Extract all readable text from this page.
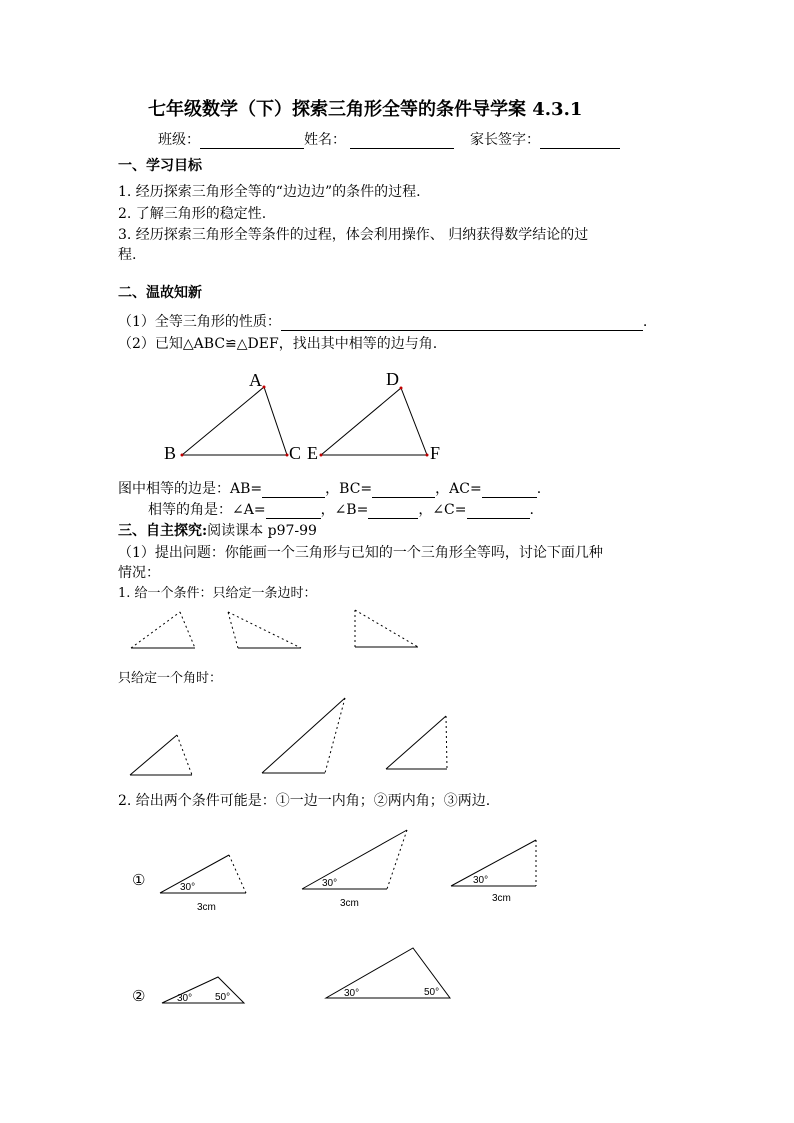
七年级数学（下）探索三角形全等的条件导学案 4.3.1
班级：	姓名：	家长签字：
一、学习目标
1. 经历探索三角形全等的“边边边”的条件的过程.
2. 了解三角形的稳定性.
3. 经历探索三角形全等条件的过程，体会利用操作、 归纳获得数学结论的过
程.
二、温故知新
（1）全等三角形的性质：	.
（2）已知△ABC≌△DEF，找出其中相等的边与角.
A
B	C
D
E	F
图中相等的边是：AB=	，BC=	，AC=	.
相等的角是：∠A=	，∠B=	，∠C=	.
三、自主探究:阅读课本 p97-99
（1）提出问题：你能画一个三角形与已知的一个三角形全等吗，讨论下面几种
情况：
1. 给一个条件：只给定一条边时：
只给定一个角时：
2. 给出两个条件可能是：①一边一内角；②两内角；③两边.
①
②
30°
3cm
30°
3cm
30°
3cm
30° 50°	30°	50°
